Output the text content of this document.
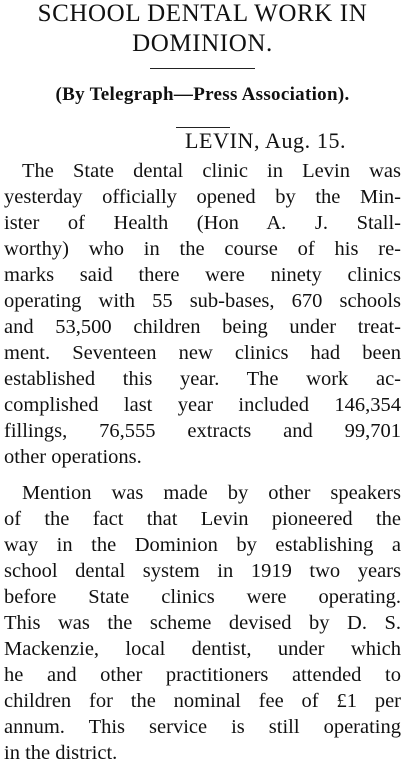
SCHOOL DENTAL WORK IN
DOMINION.
(By Telegraph—Press Association).
LEVIN, Aug. 15.
The State dental clinic in Levin was
yesterday officially opened by the Min-
ister of Health (Hon A. J. Stall-
worthy) who in the course of his re-
marks said there were ninety clinics
operating with 55 sub-bases, 670 schools
and 53,500 children being under treat-
ment. Seventeen new clinics had been
established this year. The work ac-
complished last year included 146,354
fillings, 76,555 extracts and 99,701
other operations.
Mention was made by other speakers
of the fact that Levin pioneered the
way in the Dominion by establishing a
school dental system in 1919 two years
before State clinics were operating.
This was the scheme devised by D. S.
Mackenzie, local dentist, under which
he and other practitioners attended to
children for the nominal fee of £1 per
annum. This service is still operating
in the district.
